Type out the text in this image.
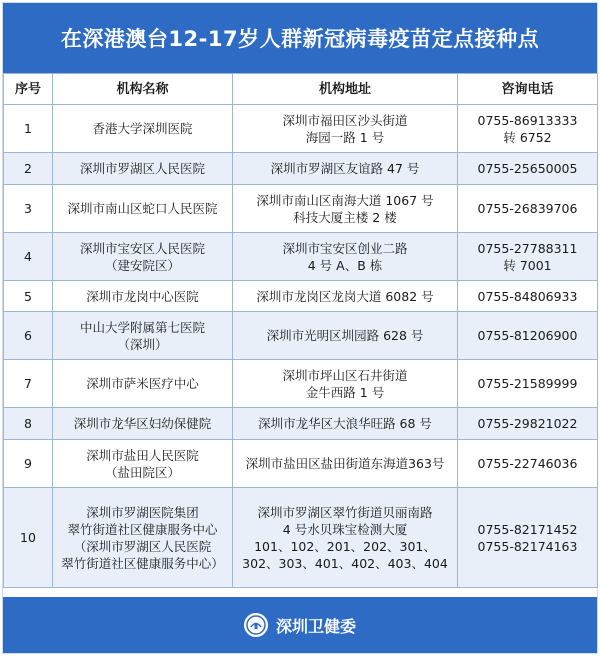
在深港澳台12-17岁人群新冠病毒疫苗定点接种点
序号	机构名称	机构地址	咨询电话
1	香港大学深圳医院	深圳市福田区沙头街道
海园一路 1 号	0755-86913333
转 6752
2	深圳市罗湖区人民医院	深圳市罗湖区友谊路 47 号	0755-25650005
3	深圳市南山区蛇口人民医院	深圳市南山区南海大道 1067 号
科技大厦主楼 2 楼	0755-26839706
4	深圳市宝安区人民医院
（建安院区）	深圳市宝安区创业二路
4 号 A、B 栋	0755-27788311
转 7001
5	深圳市龙岗中心医院	深圳市龙岗区龙岗大道 6082 号	0755-84806933
6	中山大学附属第七医院
（深圳）	深圳市光明区圳园路 628 号	0755-81206900
7	深圳市萨米医疗中心	深圳市坪山区石井街道
金牛西路 1 号	0755-21589999
8	深圳市龙华区妇幼保健院	深圳市龙华区大浪华旺路 68 号	0755-29821022
9	深圳市盐田人民医院
（盐田院区）	深圳市盐田区盐田街道东海道363号	0755-22746036
10	深圳市罗湖医院集团
翠竹街道社区健康服务中心
（深圳市罗湖区人民医院
翠竹街道社区健康服务中心）	深圳市罗湖区翠竹街道贝丽南路
4 号水贝珠宝检测大厦
101、102、201、202、301、
302、303、401、402、403、404	0755-82171452
0755-82174163
深圳卫健委
